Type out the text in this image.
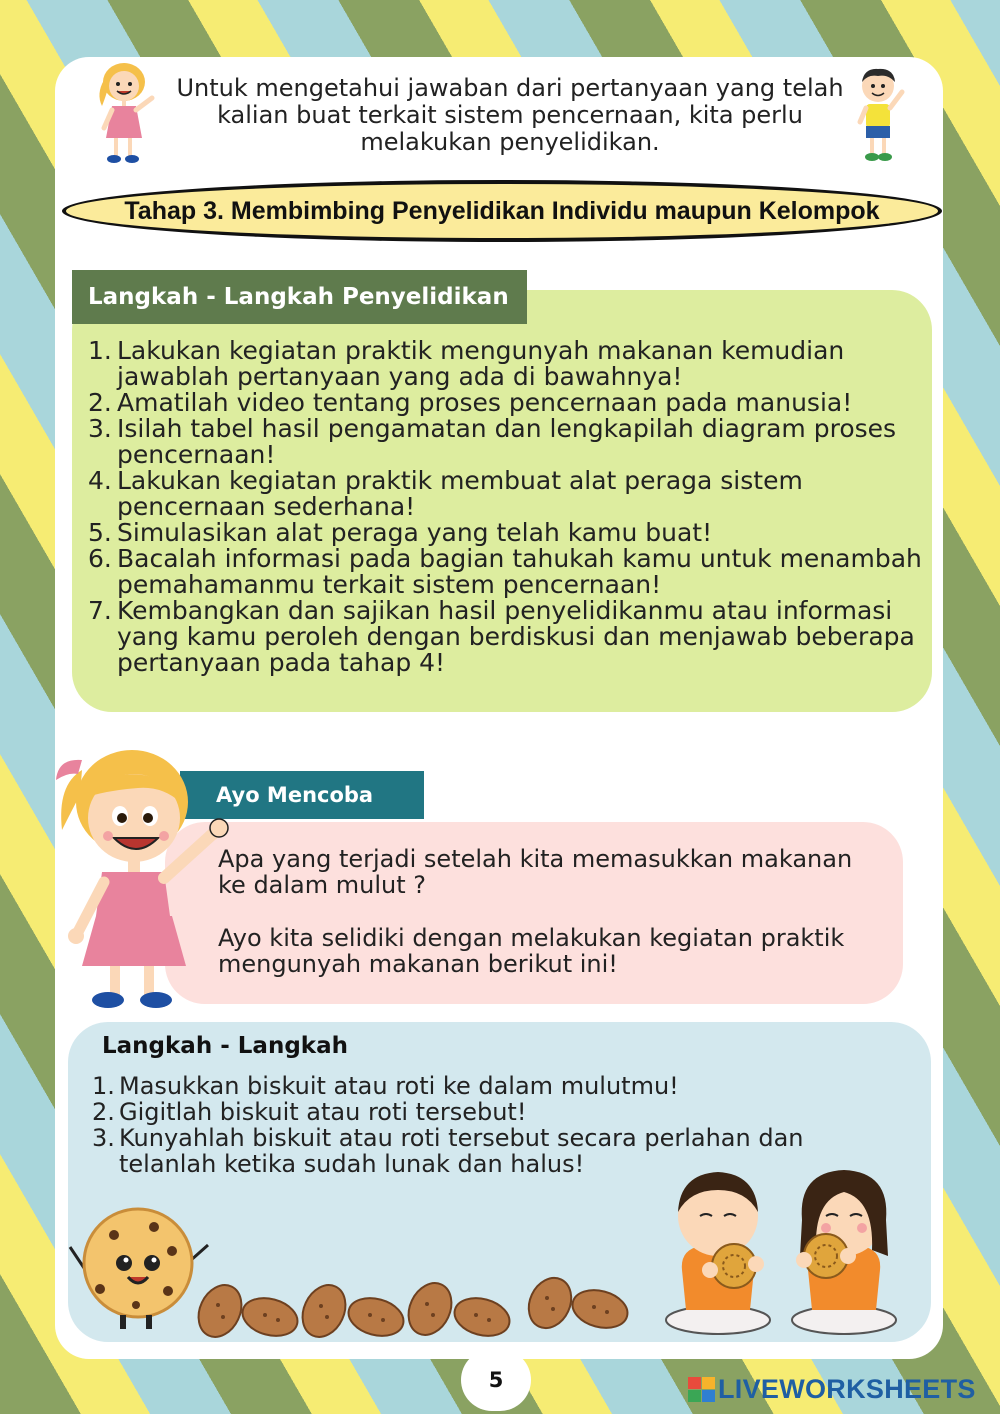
Untuk mengetahui jawaban dari pertanyaan yang telah
kalian buat terkait sistem pencernaan, kita perlu
melakukan penyelidikan.
Tahap 3. Membimbing Penyelidikan Individu maupun Kelompok
Langkah - Langkah Penyelidikan
1. Lakukan kegiatan praktik mengunyah makanan kemudian
jawablah pertanyaan yang ada di bawahnya!
2. Amatilah video tentang proses pencernaan pada manusia!
3. Isilah tabel hasil pengamatan dan lengkapilah diagram proses
pencernaan!
4. Lakukan kegiatan praktik membuat alat peraga sistem
pencernaan sederhana!
5. Simulasikan alat peraga yang telah kamu buat!
6. Bacalah informasi pada bagian tahukah kamu untuk menambah
pemahamanmu terkait sistem pencernaan!
7. Kembangkan dan sajikan hasil penyelidikanmu atau informasi
yang kamu peroleh dengan berdiskusi dan menjawab beberapa
pertanyaan pada tahap 4!
Ayo Mencoba
Apa yang terjadi setelah kita memasukkan makanan
ke dalam mulut ?
Ayo kita selidiki dengan melakukan kegiatan praktik
mengunyah makanan berikut ini!
Langkah - Langkah
1. Masukkan biskuit atau roti ke dalam mulutmu!
2. Gigitlah biskuit atau roti tersebut!
3. Kunyahlah biskuit atau roti tersebut secara perlahan dan
telanlah ketika sudah lunak dan halus!
5	LIVEWORKSHEETS
